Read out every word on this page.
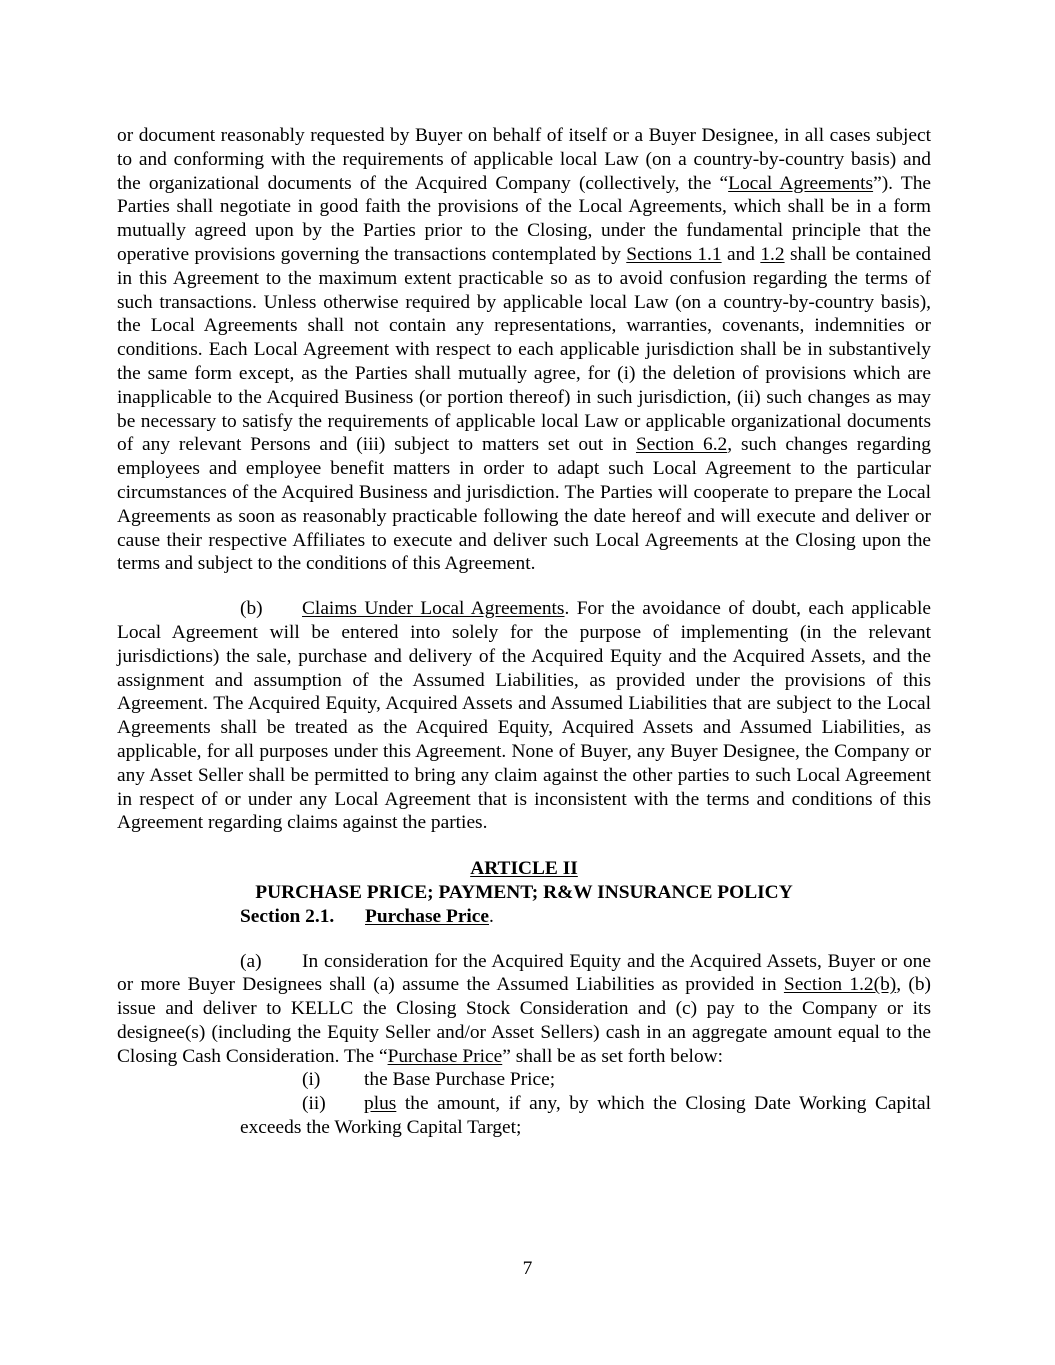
or document reasonably requested by Buyer on behalf of itself or a Buyer Designee, in all cases subject to and conforming with the requirements of applicable local Law (on a country-by-country basis) and the organizational documents of the Acquired Company (collectively, the “Local Agreements”). The Parties shall negotiate in good faith the provisions of the Local Agreements, which shall be in a form mutually agreed upon by the Parties prior to the Closing, under the fundamental principle that the operative provisions governing the transactions contemplated by Sections 1.1 and 1.2 shall be contained in this Agreement to the maximum extent practicable so as to avoid confusion regarding the terms of such transactions. Unless otherwise required by applicable local Law (on a country-by-country basis), the Local Agreements shall not contain any representations, warranties, covenants, indemnities or conditions. Each Local Agreement with respect to each applicable jurisdiction shall be in substantively the same form except, as the Parties shall mutually agree, for (i) the deletion of provisions which are inapplicable to the Acquired Business (or portion thereof) in such jurisdiction, (ii) such changes as may be necessary to satisfy the requirements of applicable local Law or applicable organizational documents of any relevant Persons and (iii) subject to matters set out in Section 6.2, such changes regarding employees and employee benefit matters in order to adapt such Local Agreement to the particular circumstances of the Acquired Business and jurisdiction. The Parties will cooperate to prepare the Local Agreements as soon as reasonably practicable following the date hereof and will execute and deliver or cause their respective Affiliates to execute and deliver such Local Agreements at the Closing upon the terms and subject to the conditions of this Agreement.

(b) Claims Under Local Agreements. For the avoidance of doubt, each applicable Local Agreement will be entered into solely for the purpose of implementing (in the relevant jurisdictions) the sale, purchase and delivery of the Acquired Equity and the Acquired Assets, and the assignment and assumption of the Assumed Liabilities, as provided under the provisions of this Agreement. The Acquired Equity, Acquired Assets and Assumed Liabilities that are subject to the Local Agreements shall be treated as the Acquired Equity, Acquired Assets and Assumed Liabilities, as applicable, for all purposes under this Agreement. None of Buyer, any Buyer Designee, the Company or any Asset Seller shall be permitted to bring any claim against the other parties to such Local Agreement in respect of or under any Local Agreement that is inconsistent with the terms and conditions of this Agreement regarding claims against the parties.

ARTICLE II

PURCHASE PRICE; PAYMENT; R&W INSURANCE POLICY

Section 2.1. Purchase Price.

(a) In consideration for the Acquired Equity and the Acquired Assets, Buyer or one or more Buyer Designees shall (a) assume the Assumed Liabilities as provided in Section 1.2(b), (b) issue and deliver to KELLC the Closing Stock Consideration and (c) pay to the Company or its designee(s) (including the Equity Seller and/or Asset Sellers) cash in an aggregate amount equal to the Closing Cash Consideration. The “Purchase Price” shall be as set forth below:

(i) the Base Purchase Price;

(ii) plus the amount, if any, by which the Closing Date Working Capital exceeds the Working Capital Target;

7
